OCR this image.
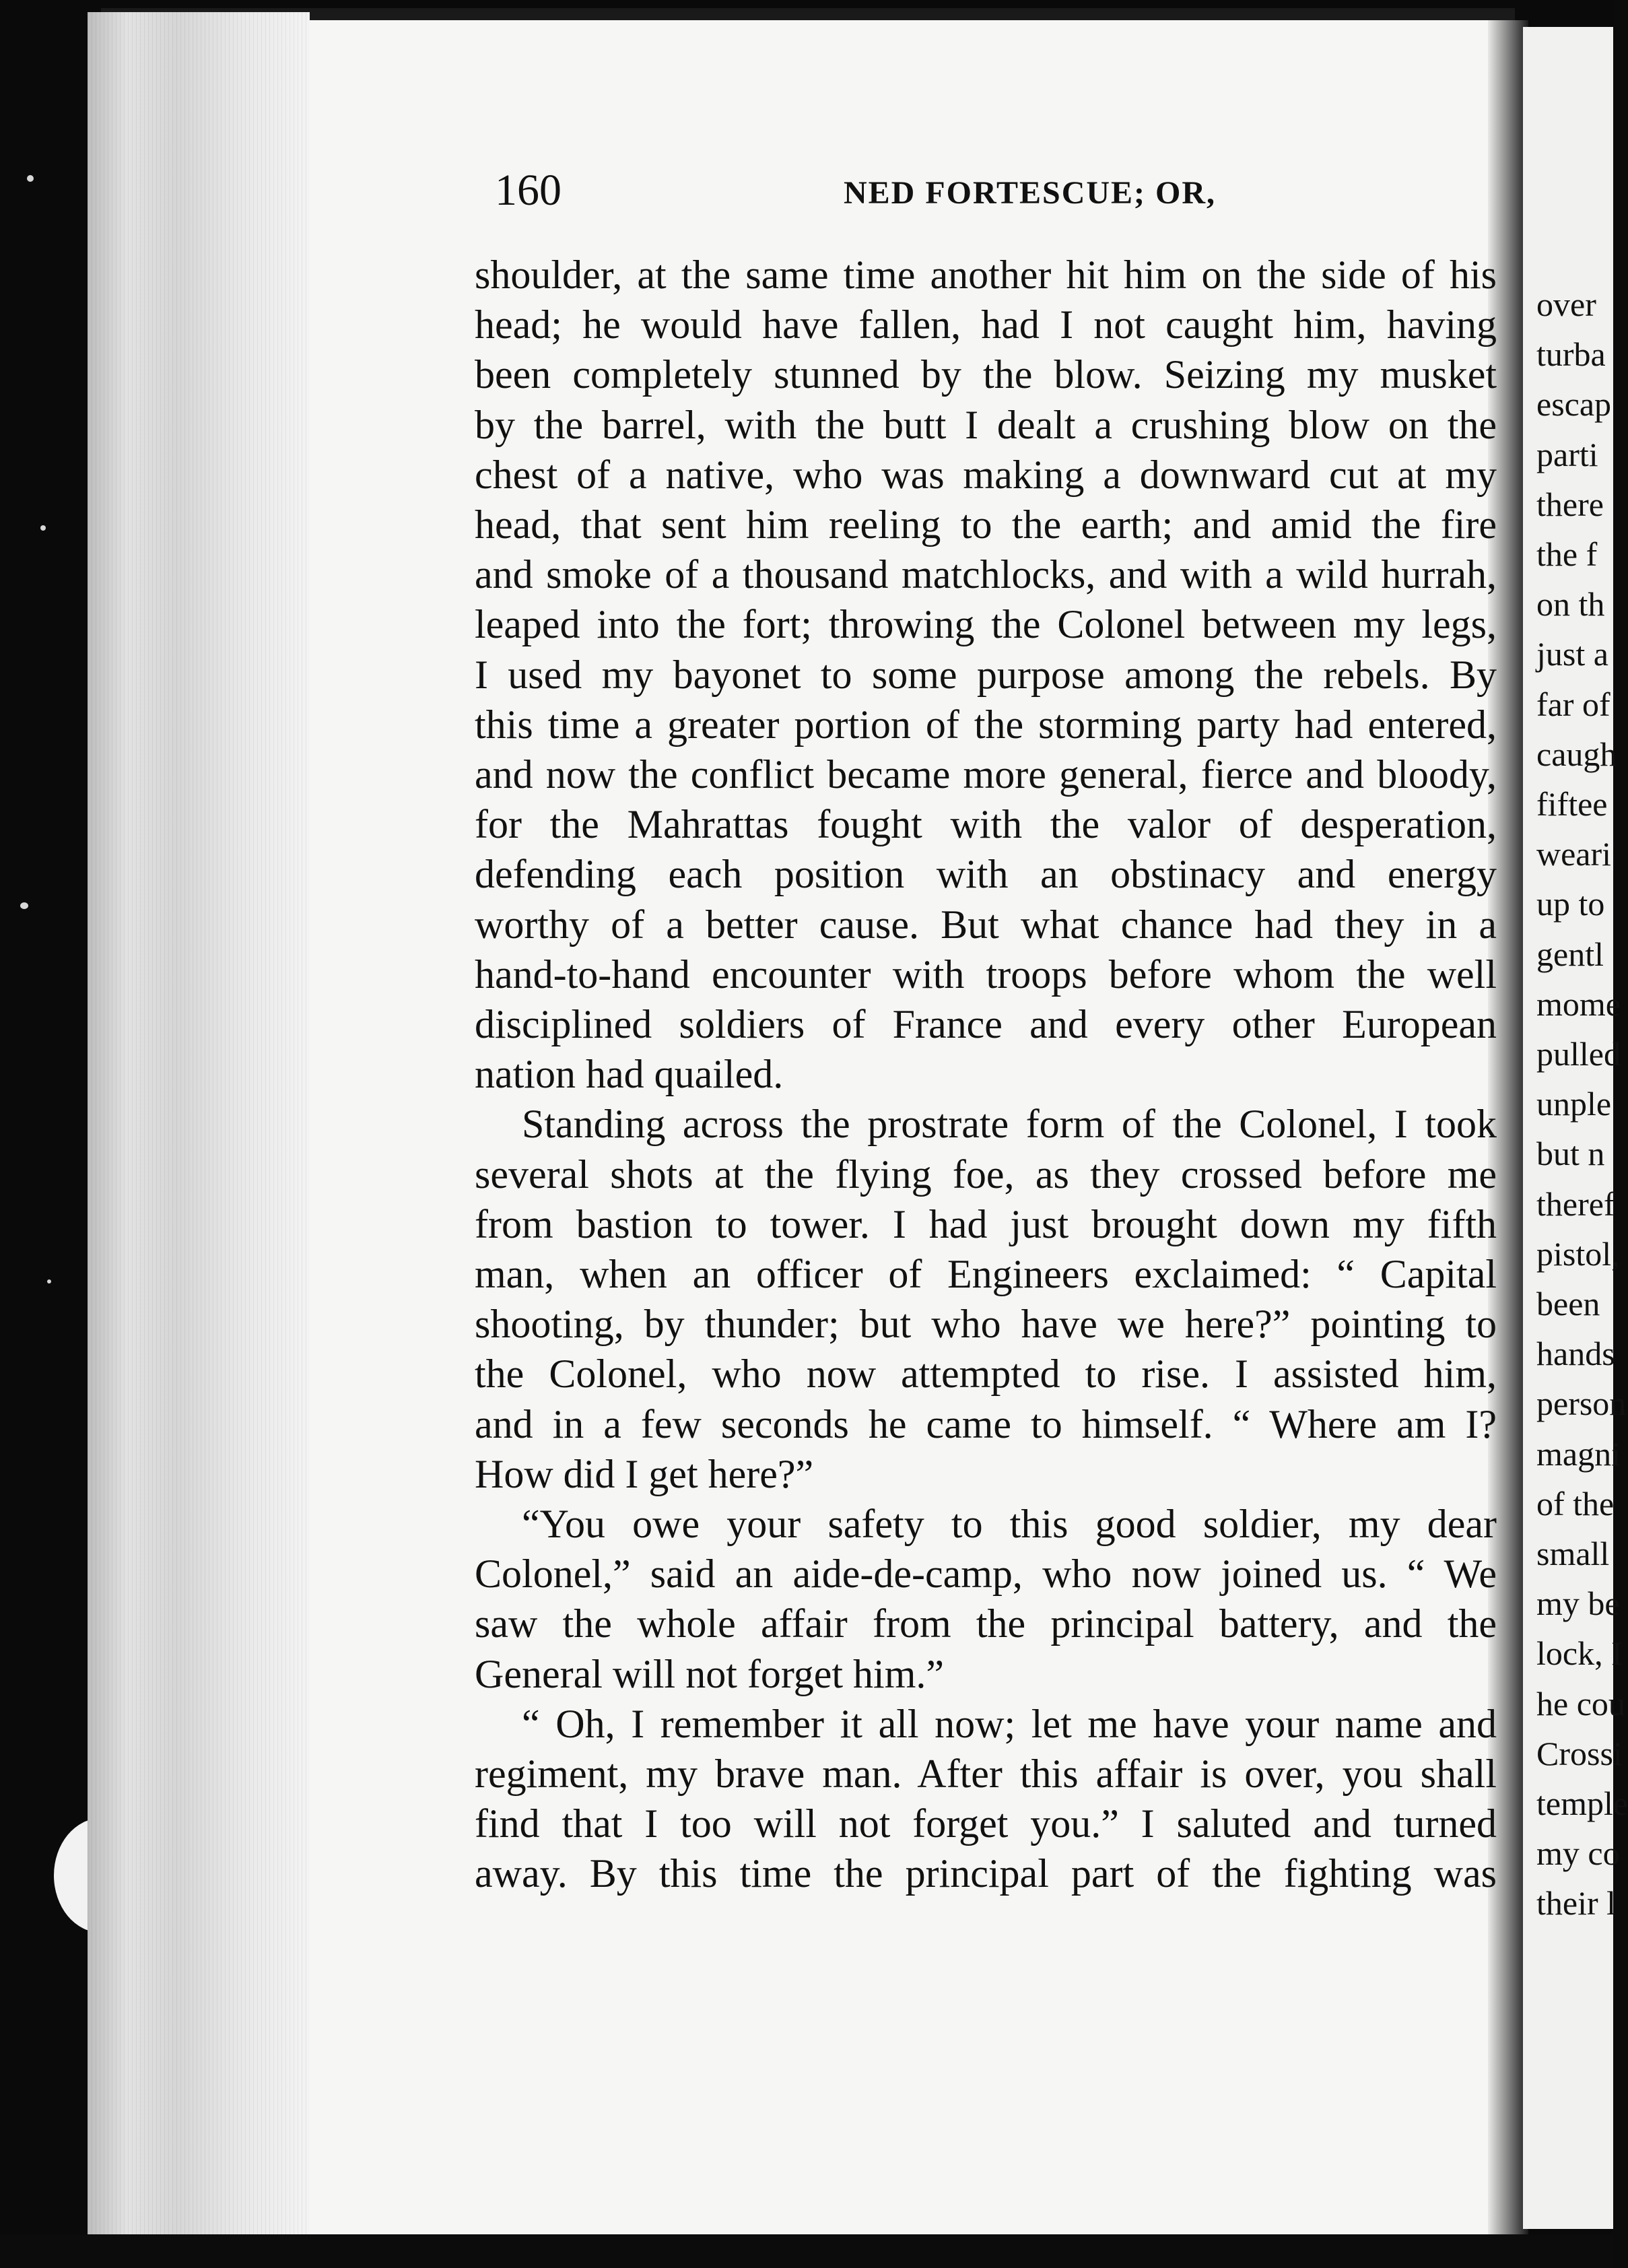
over
turba
escap
parti
there
the f
on th
just a
far of
caugh
fiftee
weari
up to
gentl
mome
pulled
unple
but n
theref
pistol,
been
hands
person
magni
of the
small
my be
lock, I
he cou
Crossi
temple
my co
their l
160	NED FORTESCUE; OR,
shoulder, at the same time another hit him on the side of his
head; he would have fallen, had I not caught him, having
been completely stunned by the blow. Seizing my musket
by the barrel, with the butt I dealt a crushing blow on the
chest of a native, who was making a downward cut at my
head, that sent him reeling to the earth; and amid the fire
and smoke of a thousand matchlocks, and with a wild hurrah,
leaped into the fort; throwing the Colonel between my legs,
I used my bayonet to some purpose among the rebels. By
this time a greater portion of the storming party had entered,
and now the conflict became more general, fierce and bloody,
for the Mahrattas fought with the valor of desperation,
defending each position with an obstinacy and energy
worthy of a better cause. But what chance had they in a
hand-to-hand encounter with troops before whom the well
disciplined soldiers of France and every other European
nation had quailed.
Standing across the prostrate form of the Colonel, I took
several shots at the flying foe, as they crossed before me
from bastion to tower. I had just brought down my fifth
man, when an officer of Engineers exclaimed: “ Capital
shooting, by thunder; but who have we here?” pointing to
the Colonel, who now attempted to rise. I assisted him,
and in a few seconds he came to himself. “ Where am I?
How did I get here?”
“You owe your safety to this good soldier, my dear
Colonel,” said an aide-de-camp, who now joined us. “ We
saw the whole affair from the principal battery, and the
General will not forget him.”
“ Oh, I remember it all now; let me have your name and
regiment, my brave man. After this affair is over, you shall
find that I too will not forget you.” I saluted and turned
away. By this time the principal part of the fighting was
